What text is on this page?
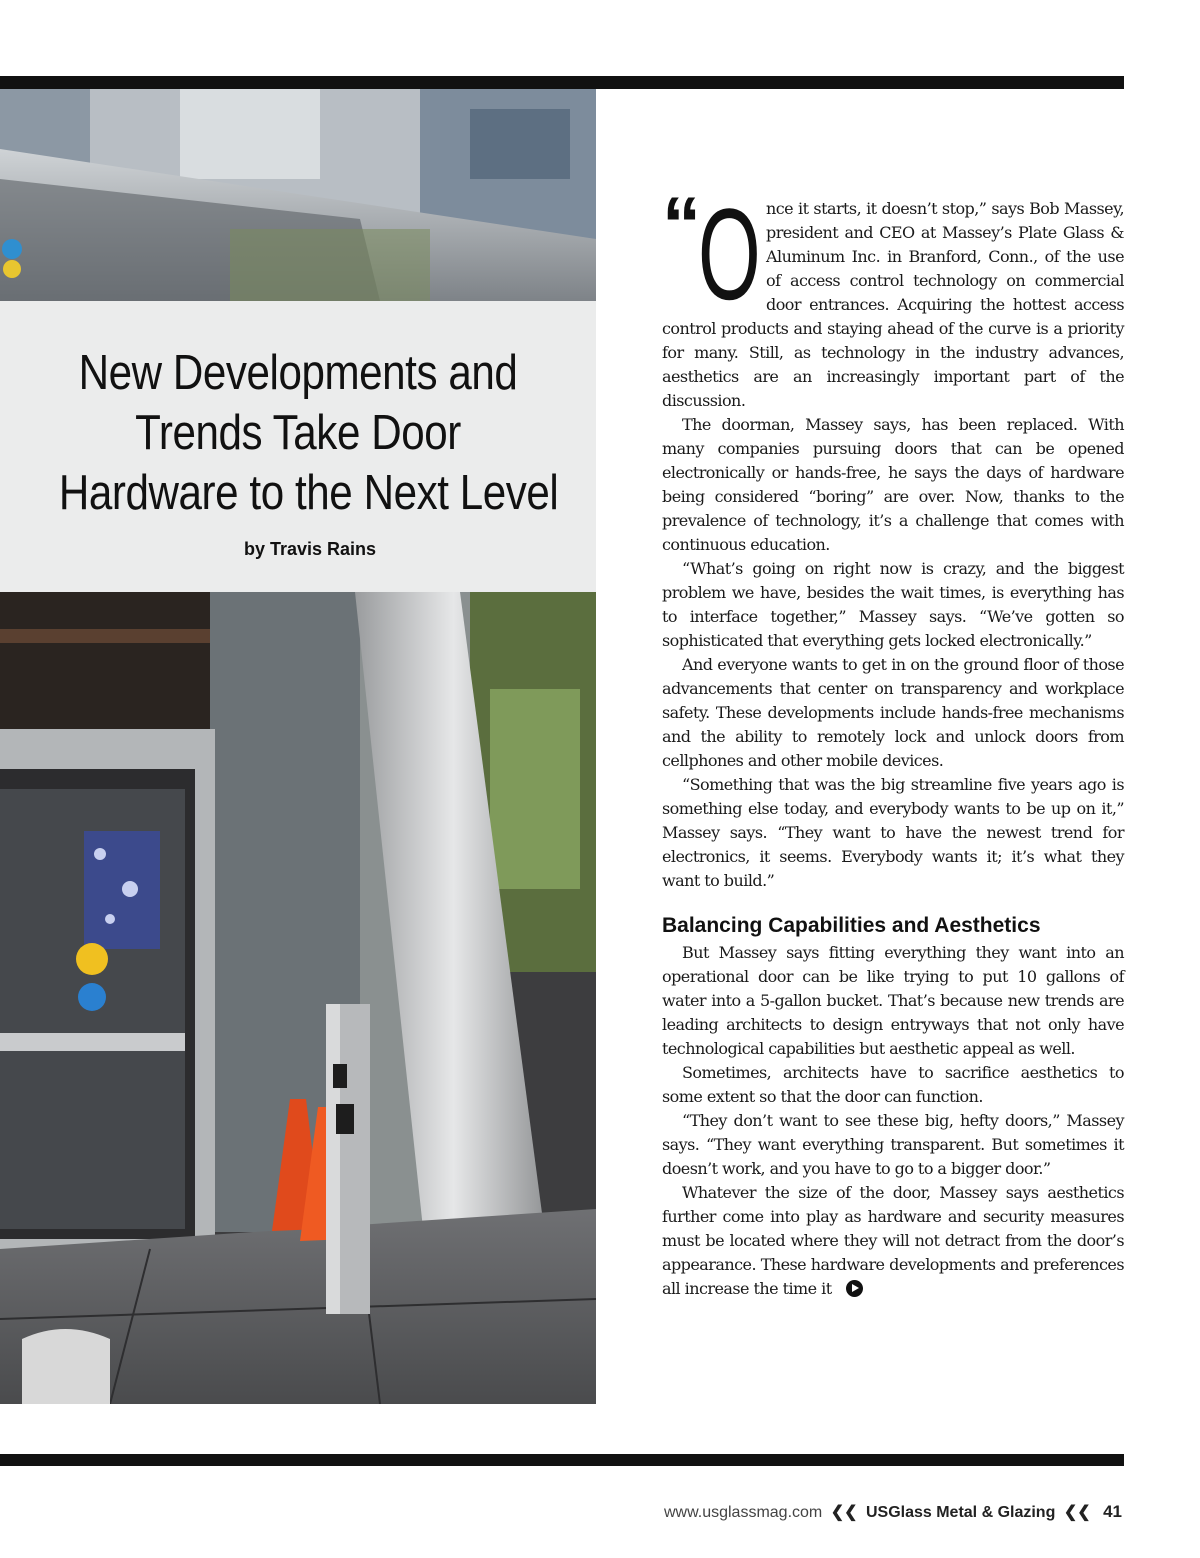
New Developments and
Trends Take Door
Hardware to the Next Level
by Travis Rains
“
O nce it starts, it doesn’t stop,” says Bob Massey, president and CEO at Massey’s Plate Glass & Aluminum Inc. in Branford, Conn., of the use of access control technology on commercial door entrances. Acquiring the hottest access control products and staying ahead of the curve is a priority for many. Still, as technology in the industry advances, aesthetics are an increasingly important part of the discussion.

The doorman, Massey says, has been replaced. With many companies pursuing doors that can be opened electronically or hands-free, he says the days of hardware being considered “boring” are over. Now, thanks to the prevalence of technology, it’s a challenge that comes with continuous education.

“What’s going on right now is crazy, and the biggest problem we have, besides the wait times, is everything has to interface together,” Massey says. “We’ve gotten so sophisticated that everything gets locked electronically.”

And everyone wants to get in on the ground floor of those advancements that center on transparency and workplace safety. These developments include hands-free mechanisms and the ability to remotely lock and unlock doors from cellphones and other mobile devices.

“Something that was the big streamline five years ago is something else today, and everybody wants to be up on it,” Massey says. “They want to have the newest trend for electronics, it seems. Everybody wants it; it’s what they want to build.”

Balancing Capabilities and Aesthetics

But Massey says fitting everything they want into an operational door can be like trying to put 10 gallons of water into a 5-gallon bucket. That’s because new trends are leading architects to design entryways that not only have technological capabilities but aesthetic appeal as well.

Sometimes, architects have to sacrifice aesthetics to some extent so that the door can function.

“They don’t want to see these big, hefty doors,” Massey says. “They want everything transparent. But sometimes it doesn’t work, and you have to go to a bigger door.”

Whatever the size of the door, Massey says aesthetics further come into play as hardware and security measures must be located where they will not detract from the door’s appearance. These hardware developments and preferences all increase the time it

www.usglassmag.com ❮❮ USGlass Metal & Glazing ❮❮ 41
